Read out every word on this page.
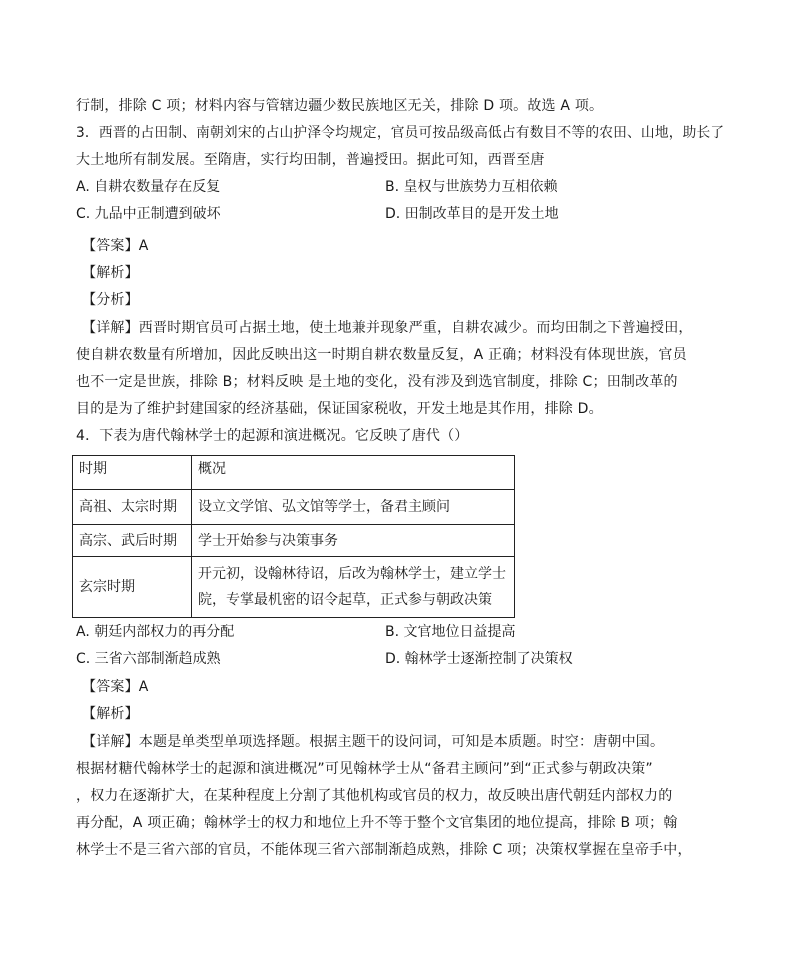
行制，排除 C 项；材料内容与管辖边疆少数民族地区无关，排除 D 项。故选 A 项。
3．西晋的占田制、南朝刘宋的占山护泽令均规定，官员可按品级高低占有数目不等的农田、山地，助长了
大土地所有制发展。至隋唐，实行均田制，普遍授田。据此可知，西晋至唐
A. 自耕农数量存在反复	B. 皇权与世族势力互相依赖
C. 九品中正制遭到破坏	D. 田制改革目的是开发土地
【答案】A
【解析】
【分析】
【详解】西晋时期官员可占据土地，使土地兼并现象严重，自耕农减少。而均田制之下普遍授田，
使自耕农数量有所增加，因此反映出这一时期自耕农数量反复，A 正确；材料没有体现世族，官员
也不一定是世族，排除 B；材料反映 是土地的变化，没有涉及到选官制度，排除 C；田制改革的
目的是为了维护封建国家的经济基础，保证国家税收，开发土地是其作用，排除 D。
4．下表为唐代翰林学士的起源和演进概况。它反映了唐代（）
时期	概况
高祖、太宗时期	设立文学馆、弘文馆等学士，备君主顾问
高宗、武后时期	学士开始参与决策事务
玄宗时期	开元初，设翰林待诏，后改为翰林学士，建立学士
院，专掌最机密的诏令起草，正式参与朝政决策
A. 朝廷内部权力的再分配	B. 文官地位日益提高
C. 三省六部制渐趋成熟	D. 翰林学士逐渐控制了决策权
【答案】A
【解析】
【详解】本题是单类型单项选择题。根据主题干的设问词，可知是本质题。时空：唐朝中国。
根据材糖代翰林学士的起源和演进概况”可见翰林学士从“备君主顾问”到“正式参与朝政决策”
，权力在逐渐扩大，在某种程度上分割了其他机构或官员的权力，故反映出唐代朝廷内部权力的
再分配，A 项正确；翰林学士的权力和地位上升不等于整个文官集团的地位提高，排除 B 项；翰
林学士不是三省六部的官员，不能体现三省六部制渐趋成熟，排除 C 项；决策权掌握在皇帝手中，
